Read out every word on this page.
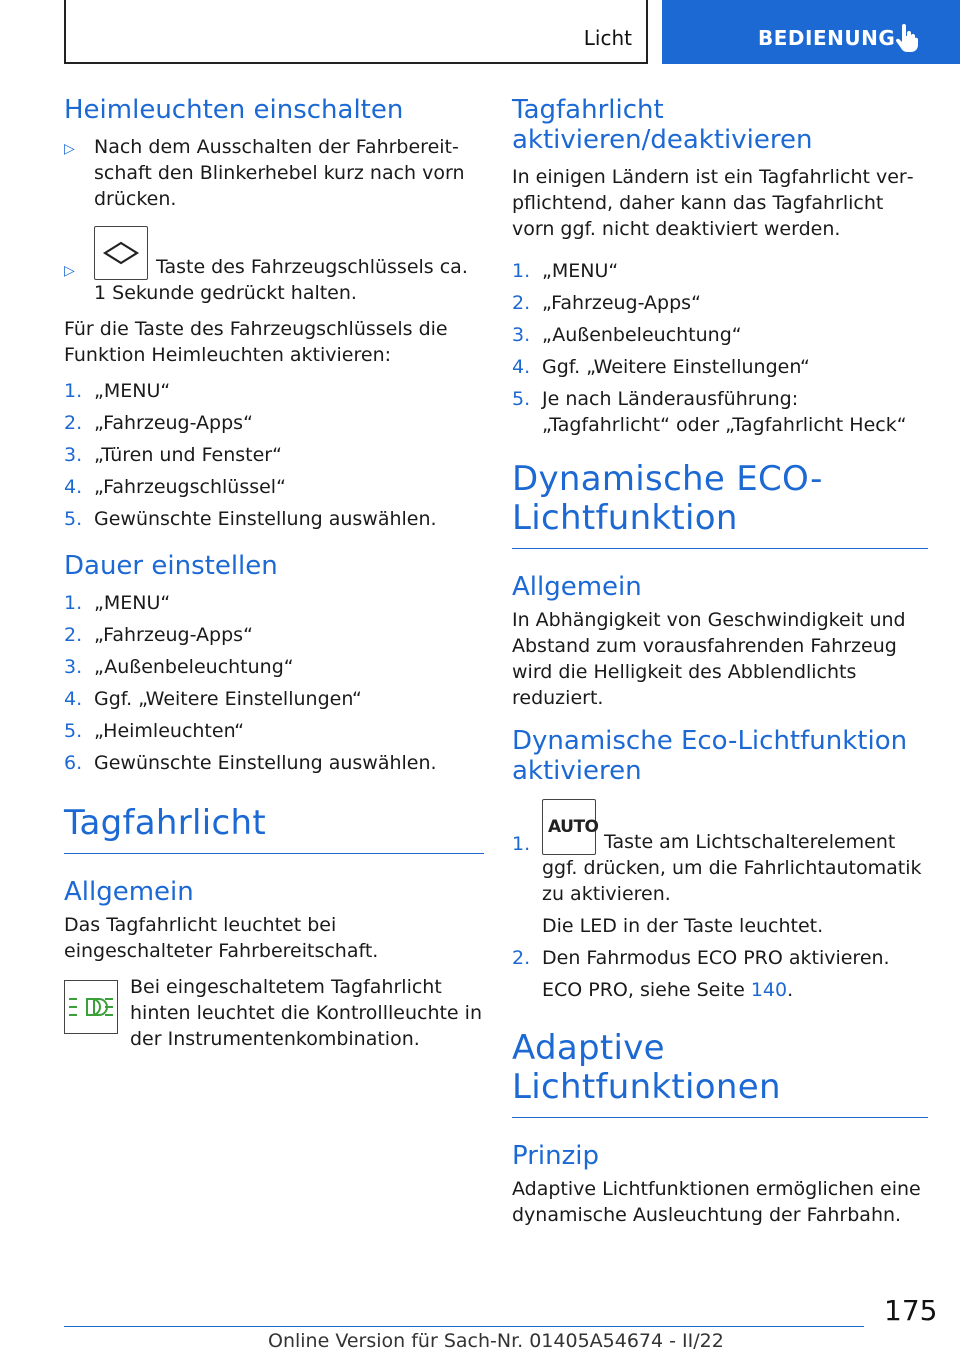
Licht	BEDIENUNG
Heimleuchten einschalten
▷	Nach dem Ausschalten der Fahrbereitschaft den Blinkerhebel kurz nach vorn drücken.
▷	Taste des Fahrzeugschlüssels ca. 1 Sekunde gedrückt halten.

Für die Taste des Fahrzeugschlüssels die Funktion Heimleuchten aktivieren:

1. „MENU“
2. „Fahrzeug-Apps“
3. „Türen und Fenster“
4. „Fahrzeugschlüssel“
5. Gewünschte Einstellung auswählen.
Dauer einstellen
1. „MENU“
2. „Fahrzeug-Apps“
3. „Außenbeleuchtung“
4. Ggf. „Weitere Einstellungen“
5. „Heimleuchten“
6. Gewünschte Einstellung auswählen.
Tagfahrlicht
Allgemein

Das Tagfahrlicht leuchtet bei eingeschalteter Fahrbereitschaft.

Bei eingeschaltetem Tagfahrlicht hinten leuchtet die Kontrollleuchte in der Instrumentenkombination.

Tagfahrlicht aktivieren/deaktivieren

In einigen Ländern ist ein Tagfahrlicht verpflichtend, daher kann das Tagfahrlicht vorn ggf. nicht deaktiviert werden.

1. „MENU“
2. „Fahrzeug-Apps“
3. „Außenbeleuchtung“
4. Ggf. „Weitere Einstellungen“
5. Je nach Länderausführung: „Tagfahrlicht“ oder „Tagfahrlicht Heck“
Dynamische ECO-Lichtfunktion
Allgemein

In Abhängigkeit von Geschwindigkeit und Abstand zum vorausfahrenden Fahrzeug wird die Helligkeit des Abblendlichts reduziert.

Dynamische Eco-Lichtfunktion aktivieren
1.
AUTO
Taste am Lichtschalterelement ggf. drücken, um die Fahrlichtautomatik zu aktivieren.
Die LED in der Taste leuchtet.
2. Den Fahrmodus ECO PRO aktivieren.
ECO PRO, siehe Seite 140.
Adaptive Lichtfunktionen
Prinzip

Adaptive Lichtfunktionen ermöglichen eine dynamische Ausleuchtung der Fahrbahn.

175
Online Version für Sach-Nr. 01405A54674 - II/22
